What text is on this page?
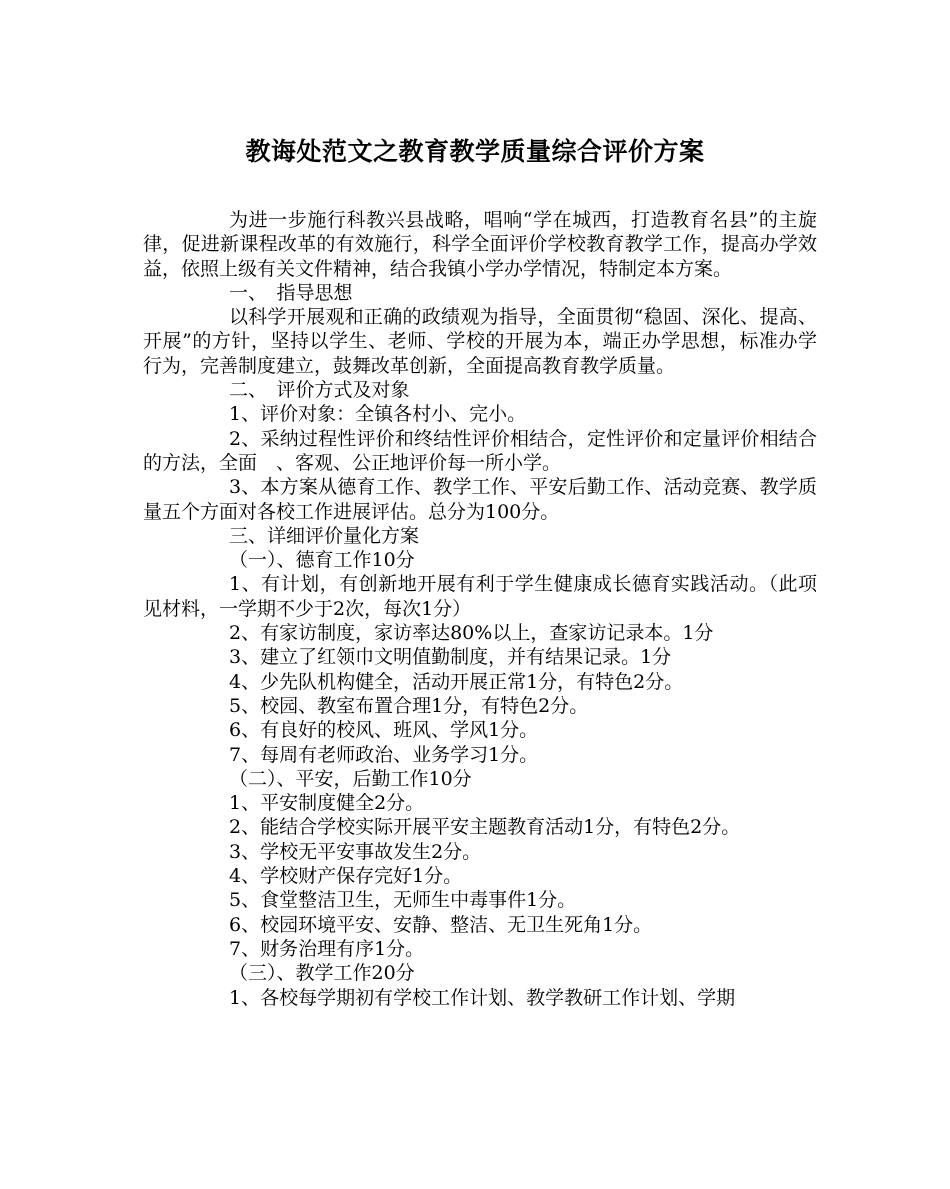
教诲处范文之教育教学质量综合评价方案

为进一步施行科教兴县战略，唱响“学在城西，打造教育名县”的主旋律，促进新课程改革的有效施行，科学全面评价学校教育教学工作，提高办学效益，依照上级有关文件精神，结合我镇小学办学情况，特制定本方案。

一、　指导思想

以科学开展观和正确的政绩观为指导，全面贯彻“稳固、深化、提高、开展”的方针，坚持以学生、老师、学校的开展为本，端正办学思想，标准办学行为，完善制度建立，鼓舞改革创新，全面提高教育教学质量。

二、　评价方式及对象

1、评价对象：全镇各村小、完小。

2、采纳过程性评价和终结性评价相结合，定性评价和定量评价相结合的方法，全面　、客观、公正地评价每一所小学。

3、本方案从德育工作、教学工作、平安后勤工作、活动竞赛、教学质量五个方面对各校工作进展评估。总分为100分。

三、详细评价量化方案

（一）、德育工作10分

1、有计划，有创新地开展有利于学生健康成长德育实践活动。（此项见材料，一学期不少于2次，每次1分）

2、有家访制度，家访率达80%以上，查家访记录本。1分

3、建立了红领巾文明值勤制度，并有结果记录。1分

4、少先队机构健全，活动开展正常1分，有特色2分。

5、校园、教室布置合理1分，有特色2分。

6、有良好的校风、班风、学风1分。

7、每周有老师政治、业务学习1分。

（二）、平安，后勤工作10分

1、平安制度健全2分。

2、能结合学校实际开展平安主题教育活动1分，有特色2分。

3、学校无平安事故发生2分。

4、学校财产保存完好1分。

5、食堂整洁卫生，无师生中毒事件1分。

6、校园环境平安、安静、整洁、无卫生死角1分。

7、财务治理有序1分。

（三）、教学工作20分

1、各校每学期初有学校工作计划、教学教研工作计划、学期
